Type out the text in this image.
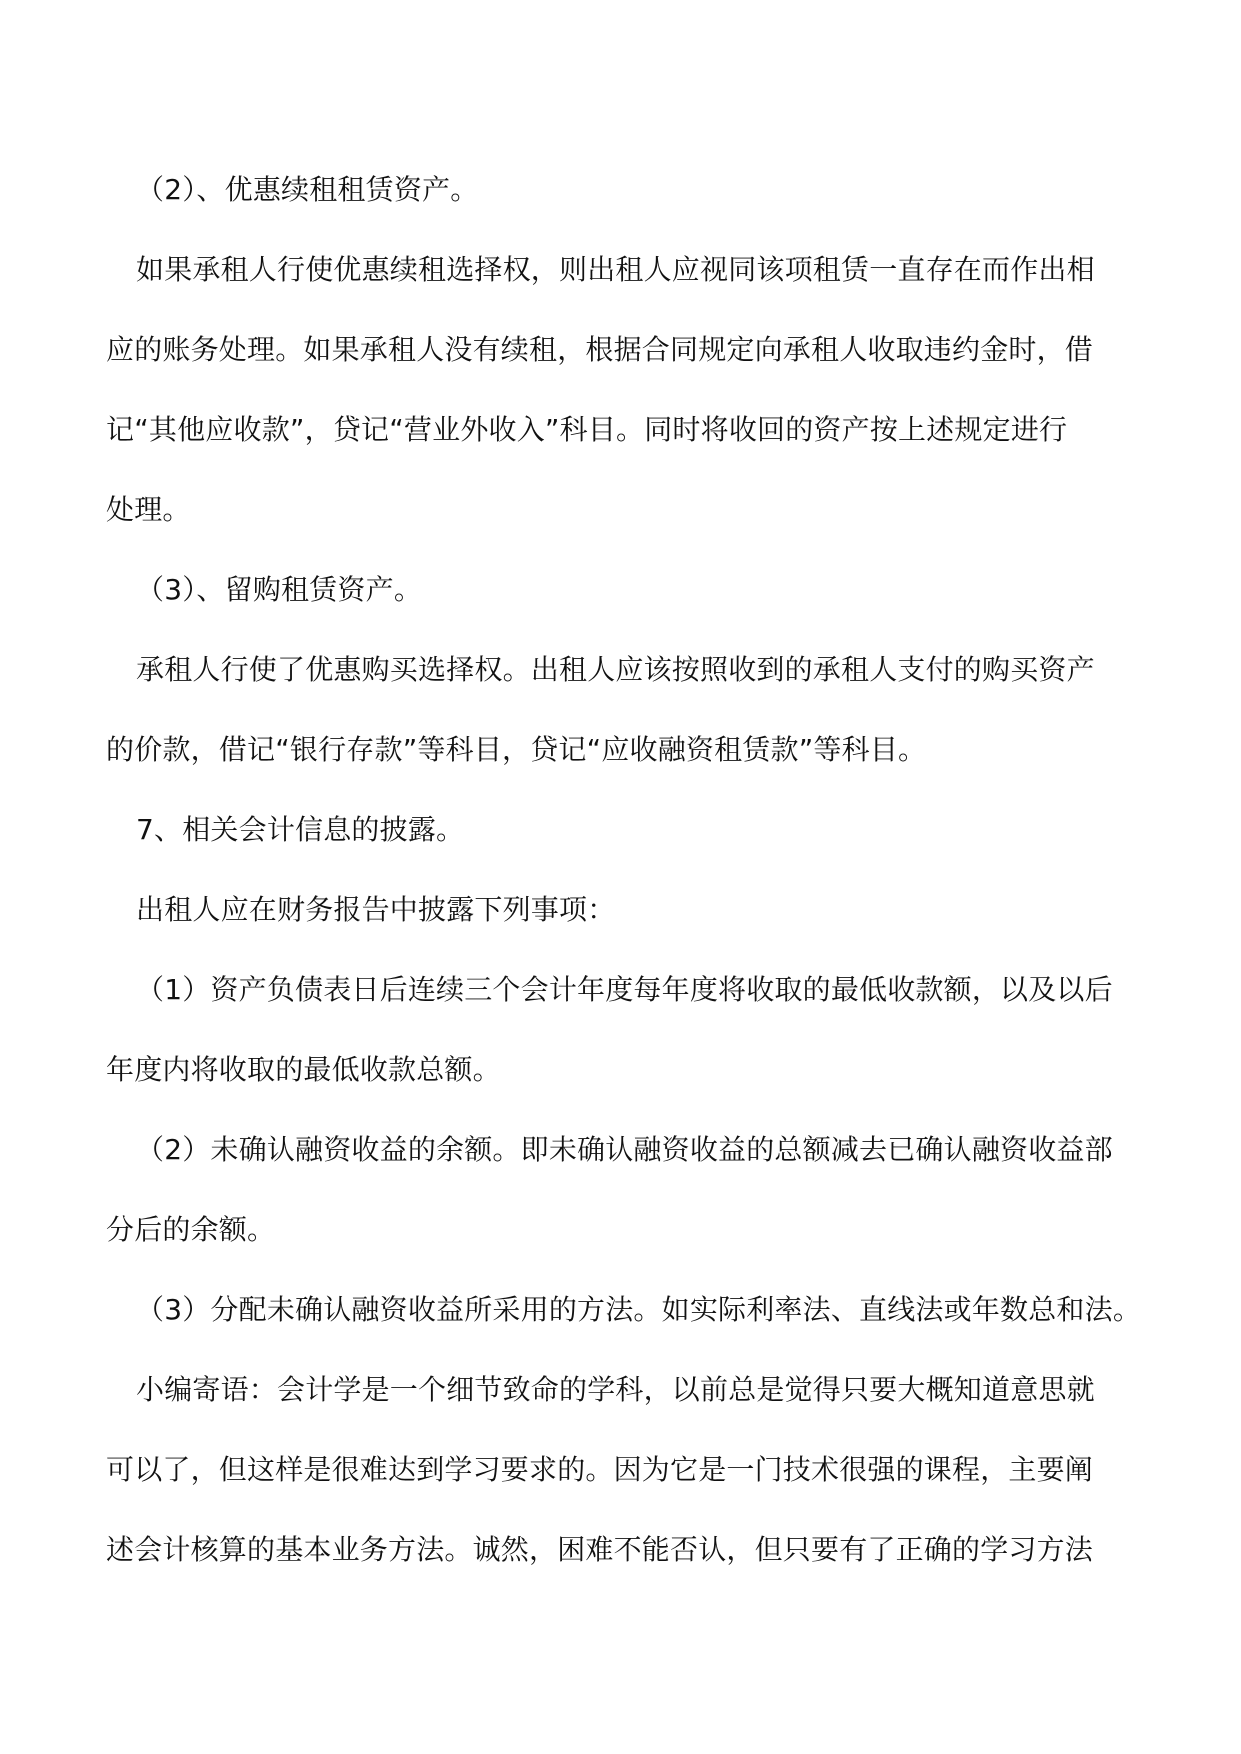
（2）、优惠续租租赁资产。
如果承租人行使优惠续租选择权，则出租人应视同该项租赁一直存在而作出相
应的账务处理。如果承租人没有续租，根据合同规定向承租人收取违约金时，借
记“其他应收款”，贷记“营业外收入”科目。同时将收回的资产按上述规定进行
处理。
（3）、留购租赁资产。
承租人行使了优惠购买选择权。出租人应该按照收到的承租人支付的购买资产
的价款，借记“银行存款”等科目，贷记“应收融资租赁款”等科目。
7、相关会计信息的披露。
出租人应在财务报告中披露下列事项：
（1）资产负债表日后连续三个会计年度每年度将收取的最低收款额，以及以后
年度内将收取的最低收款总额。
（2）未确认融资收益的余额。即未确认融资收益的总额减去已确认融资收益部
分后的余额。
（3）分配未确认融资收益所采用的方法。如实际利率法、直线法或年数总和法。
小编寄语：会计学是一个细节致命的学科，以前总是觉得只要大概知道意思就
可以了，但这样是很难达到学习要求的。因为它是一门技术很强的课程，主要阐
述会计核算的基本业务方法。诚然，困难不能否认，但只要有了正确的学习方法
